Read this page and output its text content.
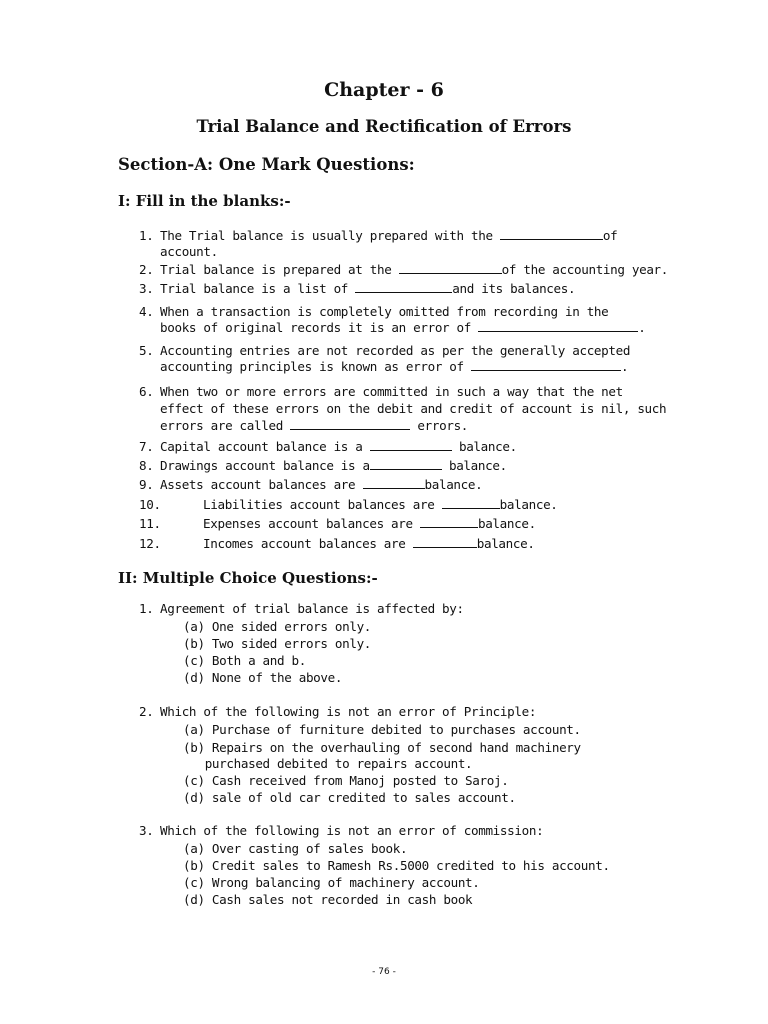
Chapter - 6
Trial Balance and Rectification of Errors
Section-A: One Mark Questions:
I: Fill in the blanks:-
1. The Trial balance is usually prepared with the	of
account.
2. Trial balance is prepared at the	of the accounting year.
3. Trial balance is a list of	and its balances.
4. When a transaction is completely omitted from recording in the
books of original records it is an error of	.
5. Accounting entries are not recorded as per the generally accepted
accounting principles is known as error of	.
6. When two or more errors are committed in such a way that the net
effect of these errors on the debit and credit of account is nil, such
errors are called	errors.
7. Capital account balance is a	balance.
8. Drawings account balance is a	balance.
9. Assets account balances are	balance.
10.	Liabilities account balances are	balance.
11.	Expenses account balances are	balance.
12.	Incomes account balances are	balance.
II: Multiple Choice Questions:-
1. Agreement of trial balance is affected by:
(a) One sided errors only.
(b) Two sided errors only.
(c) Both a and b.
(d) None of the above.
2. Which of the following is not an error of Principle:
(a) Purchase of furniture debited to purchases account.
(b) Repairs on the overhauling of second hand machinery
purchased debited to repairs account.
(c) Cash received from Manoj posted to Saroj.
(d) sale of old car credited to sales account.
3. Which of the following is not an error of commission:
(a) Over casting of sales book.
(b) Credit sales to Ramesh Rs.5000 credited to his account.
(c) Wrong balancing of machinery account.
(d) Cash sales not recorded in cash book
- 76 -
